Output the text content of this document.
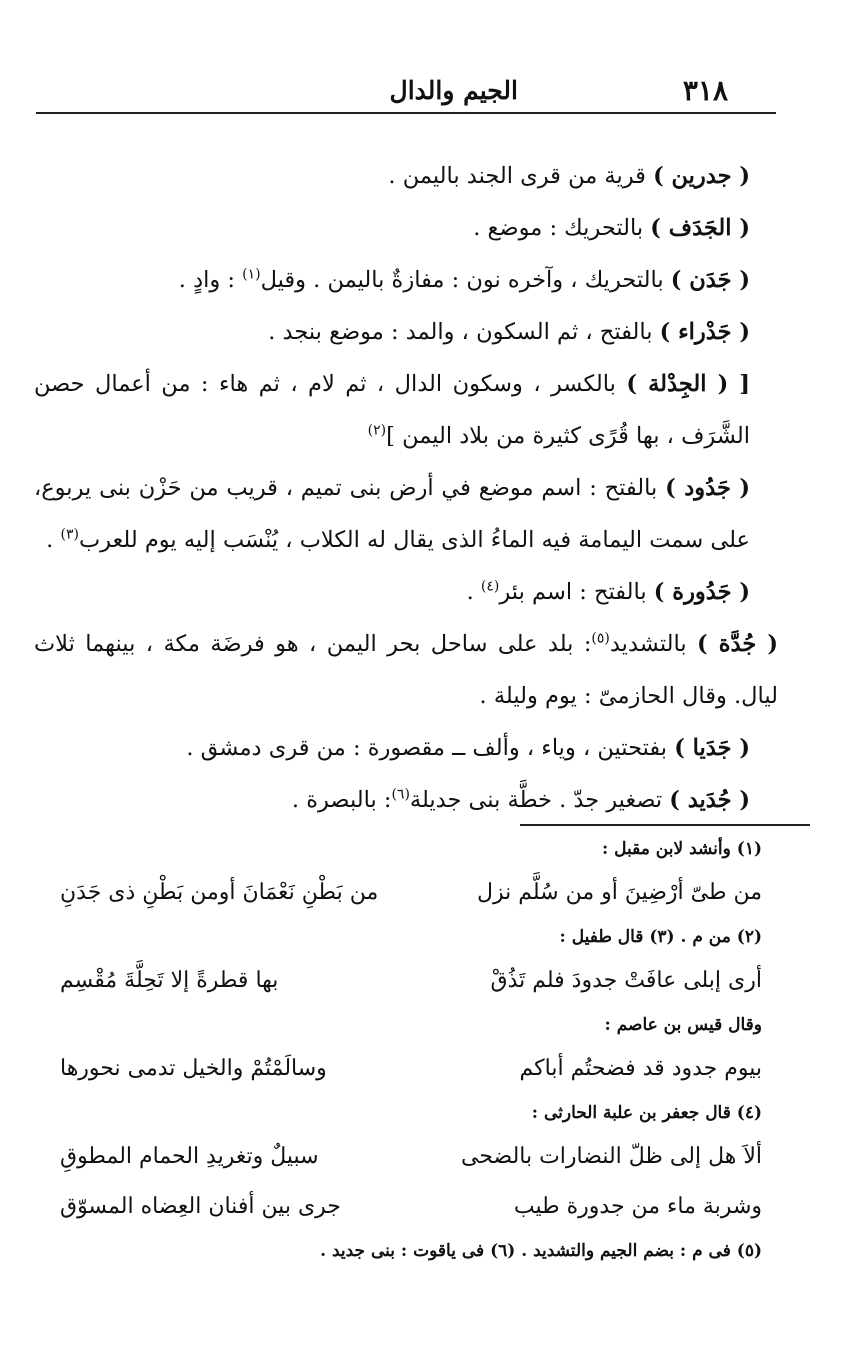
٣١٨
الجيم والدال

( جدرين ) قرية من قرى الجند باليمن .

( الجَدَف ) بالتحريك : موضع .

( جَدَن ) بالتحريك ، وآخره نون : مفازةٌ باليمن . وقيل$^{(١)}$ : وادٍ .

( جَدْراء ) بالفتح ، ثم السكون ، والمد : موضع بنجد .

[ ( الجِدْلة ) بالكسر ، وسكون الدال ، ثم لام ، ثم هاء : من أعمال حصن الشَّرَف ، بها قُرًى كثيرة من بلاد اليمن ]$^{(٢)}$

( جَدُود ) بالفتح : اسم موضع في أرض بنى تميم ، قريب من حَزْن بنى يربوع، على سمت اليمامة فيه الماءُ الذى يقال له الكلاب ، يُنْسَب إليه يوم للعرب$^{(٣)}$ .

( جَدُورة ) بالفتح : اسم بئر$^{(٤)}$ .

( جُدَّة ) بالتشديد$^{(٥)}$: بلد على ساحل بحر اليمن ، هو فرضَة مكة ، بينهما ثلاث ليال. وقال الحازمىّ : يوم وليلة .

( جَدَيا ) بفتحتين ، وياء ، وألف ــ مقصورة : من قرى دمشق .

( جُدَيد ) تصغير جدّ . خطَّة بنى جديلة$^{(٦)}$: بالبصرة .

(١) وأنشد لابن مقبل :

من طىّ أرْضِينَ أو من سُلَّم نزل
من بَطْنِ نَعْمَانَ أومن بَطْنِ ذى جَدَنِ

(٢) من م . (٣) قال طفيل :

أرى إبلى عافَتْ جدودَ فلم تَذُقْ
بها قطرةً إلا تَحِلَّةَ مُقْسِم

وقال قيس بن عاصم :

بيوم جدود قد فضحتُم أباكم
وسالَمْتُمْ والخيل تدمى نحورها

(٤) قال جعفر بن علبة الحارثى :

ألاَ هل إلى ظلّ النضارات بالضحى
سبيلٌ وتغريدِ الحمام المطوقِ
وشربة ماء من جدورة طيب
جرى بين أفنان العِضاه المسوّق

(٥) فى م : بضم الجيم والتشديد . (٦) فى ياقوت : بنى جديد .
